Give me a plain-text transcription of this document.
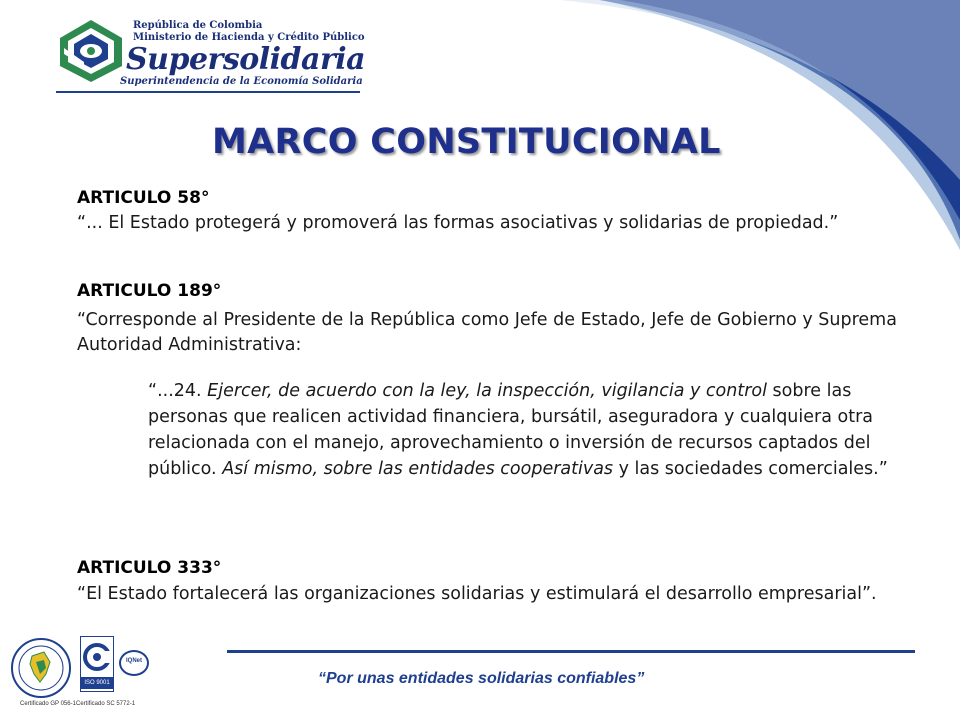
República de Colombia
Ministerio de Hacienda y Crédito Público
Supersolidaria
Superintendencia de la Economía Solidaria
MARCO CONSTITUCIONAL
ARTICULO 58°

“... El Estado protegerá y promoverá las formas asociativas y solidarias de propiedad.”

ARTICULO 189°

“Corresponde al Presidente de la República como Jefe de Estado, Jefe de Gobierno y Suprema Autoridad Administrativa:

“...24. Ejercer, de acuerdo con la ley, la inspección, vigilancia y control sobre las personas que realicen actividad financiera, bursátil, aseguradora y cualquiera otra relacionada con el manejo, aprovechamiento o inversión de recursos captados del público. Así mismo, sobre las entidades cooperativas y las sociedades comerciales.”

ARTICULO 333°

“El Estado fortalecerá las organizaciones solidarias y estimulará el desarrollo empresarial”.

“Por unas entidades solidarias confiables”
Certificado GP 056-1
ISO 9001
Certificado SC 5772-1
IQNet
